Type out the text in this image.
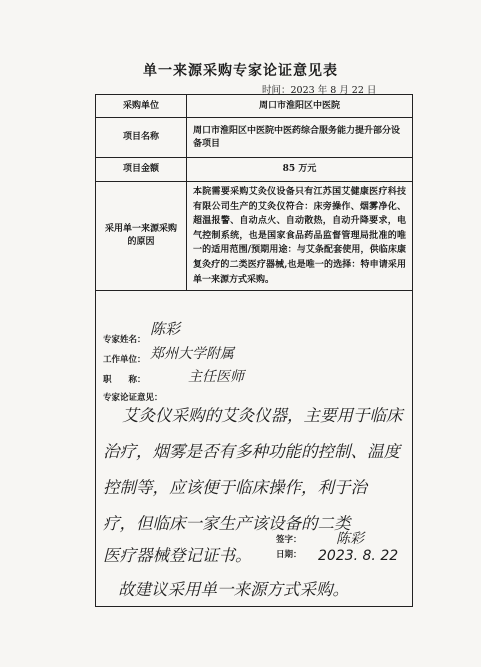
单一来源采购专家论证意见表
时间：2023 年 8 月 22 日
采购单位	周口市淮阳区中医院
项目名称	周口市淮阳区中医院中医药综合服务能力提升部分设备项目
项目金额	85 万元
采用单一来源采购的原因	本院需要采购艾灸仪设备只有江苏国艾健康医疗科技有限公司生产的艾灸仪符合：床旁操作、烟雾净化、超温报警、自动点火、自动散热，自动升降要求，电气控制系统，也是国家食品药品监督管理局批准的唯一的适用范围/预期用途：与艾条配套使用，供临床康复灸疗的二类医疗器械,也是唯一的选择：特申请采用单一来源方式采购。
专家姓名：
陈彩
工作单位： 郑州大学附属
职　　称：	主任医师
专家论证意见：
艾灸仪采购的艾灸仪器，主要用于临床
治疗，烟雾是否有多种功能的控制、温度
控制等，应该便于临床操作，利于治
疗，但临床一家生产该设备的二类
医疗器械登记证书。
故建议采用单一来源方式采购。
签字： 陈彩
日期： 2023. 8. 22
